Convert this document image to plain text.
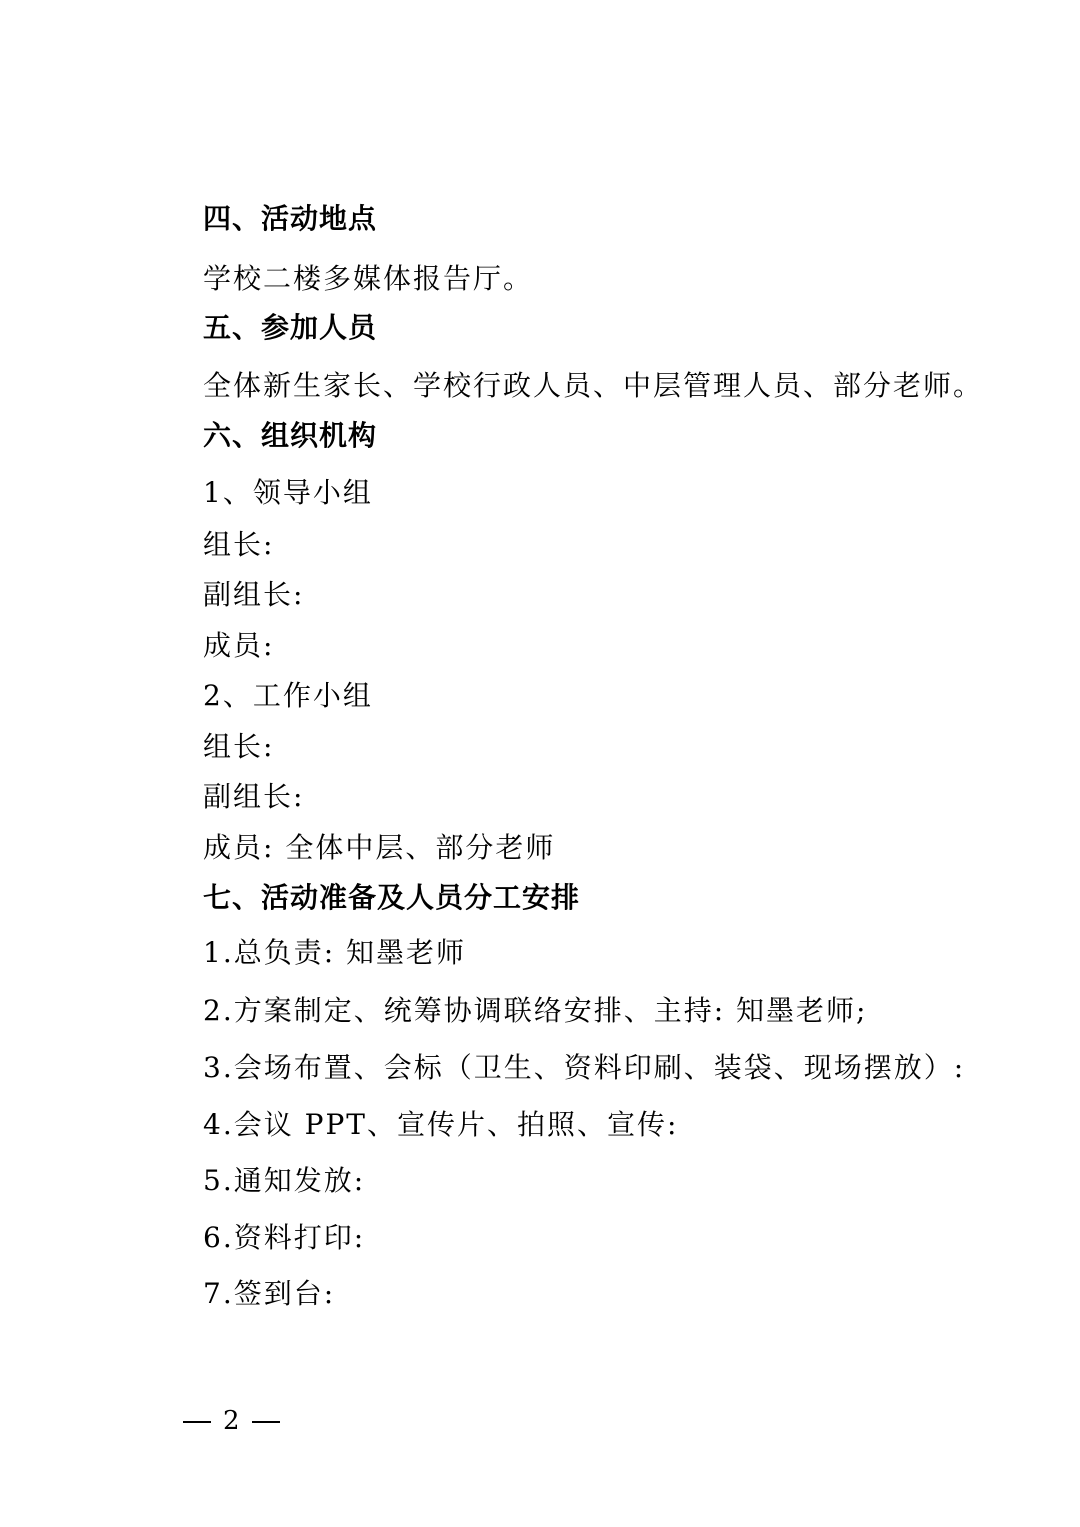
四、活动地点
学校二楼多媒体报告厅。
五、参加人员
全体新生家长、学校行政人员、中层管理人员、部分老师。
六、组织机构
1、领导小组
组长:
副组长:
成员:
2、工作小组
组长:
副组长:
成员: 全体中层、部分老师
七、活动准备及人员分工安排
1.总负责: 知墨老师
2.方案制定、统筹协调联络安排、主持: 知墨老师;
3.会场布置、会标（卫生、资料印刷、装袋、现场摆放）:
4.会议 PPT、宣传片、拍照、宣传:
5.通知发放:
6.资料打印:
7.签到台:
2
